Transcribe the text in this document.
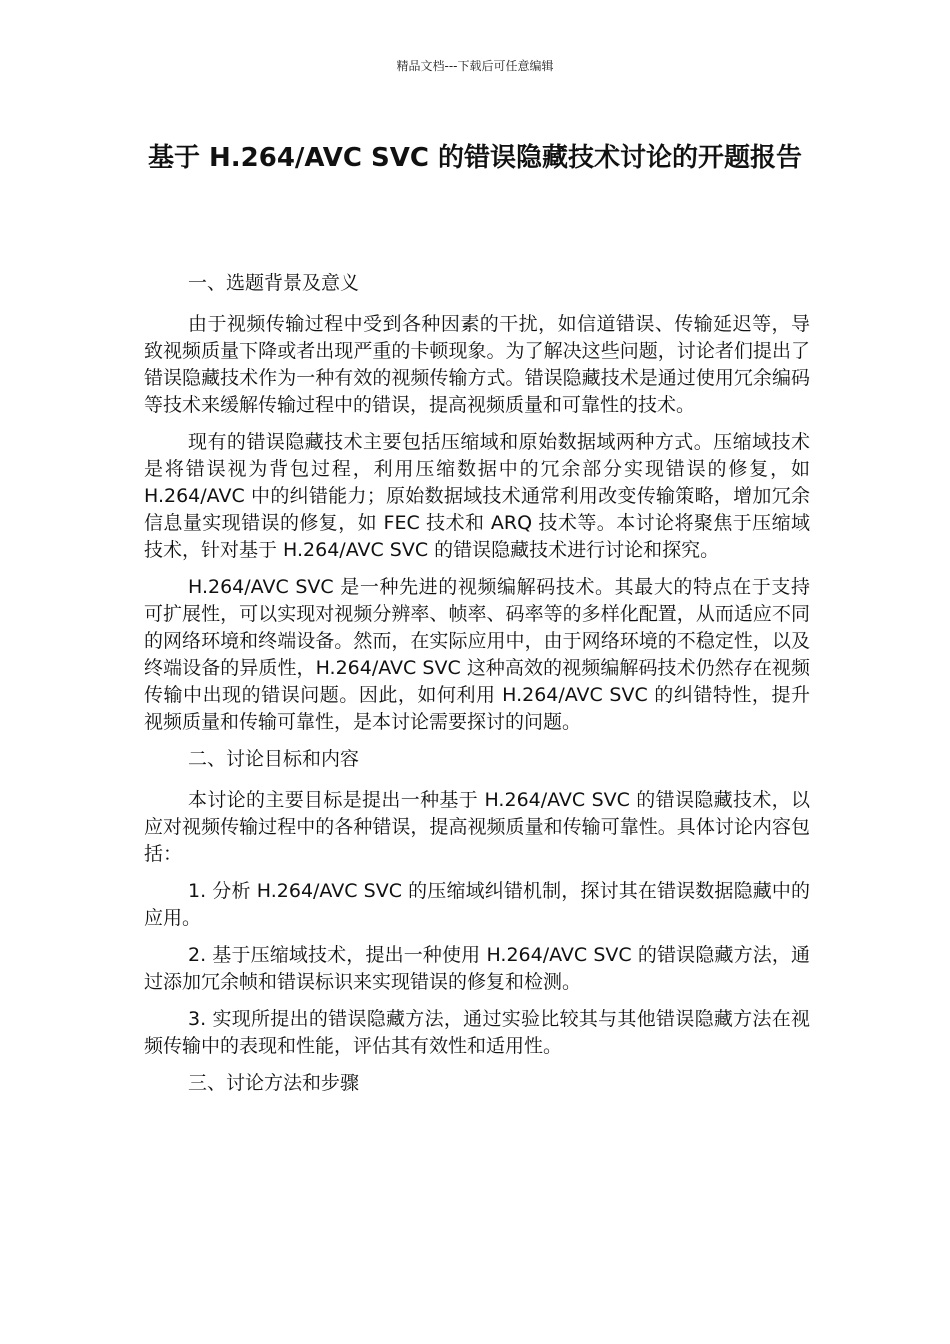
精品文档---下载后可任意编辑
基于 H.264/AVC SVC 的错误隐藏技术讨论的开题报告

一、选题背景及意义

由于视频传输过程中受到各种因素的干扰，如信道错误、传输延迟等，导致视频质量下降或者出现严重的卡顿现象。为了解决这些问题，讨论者们提出了错误隐藏技术作为一种有效的视频传输方式。错误隐藏技术是通过使用冗余编码等技术来缓解传输过程中的错误，提高视频质量和可靠性的技术。

现有的错误隐藏技术主要包括压缩域和原始数据域两种方式。压缩域技术是将错误视为背包过程，利用压缩数据中的冗余部分实现错误的修复，如 H.264/AVC 中的纠错能力；原始数据域技术通常利用改变传输策略，增加冗余信息量实现错误的修复，如 FEC 技术和 ARQ 技术等。本讨论将聚焦于压缩域技术，针对基于 H.264/AVC SVC 的错误隐藏技术进行讨论和探究。

H.264/AVC SVC 是一种先进的视频编解码技术。其最大的特点在于支持可扩展性，可以实现对视频分辨率、帧率、码率等的多样化配置，从而适应不同的网络环境和终端设备。然而，在实际应用中，由于网络环境的不稳定性，以及终端设备的异质性，H.264/AVC SVC 这种高效的视频编解码技术仍然存在视频传输中出现的错误问题。因此，如何利用 H.264/AVC SVC 的纠错特性，提升视频质量和传输可靠性，是本讨论需要探讨的问题。

二、讨论目标和内容

本讨论的主要目标是提出一种基于 H.264/AVC SVC 的错误隐藏技术，以应对视频传输过程中的各种错误，提高视频质量和传输可靠性。具体讨论内容包括：

1. 分析 H.264/AVC SVC 的压缩域纠错机制，探讨其在错误数据隐藏中的应用。

2. 基于压缩域技术，提出一种使用 H.264/AVC SVC 的错误隐藏方法，通过添加冗余帧和错误标识来实现错误的修复和检测。

3. 实现所提出的错误隐藏方法，通过实验比较其与其他错误隐藏方法在视频传输中的表现和性能，评估其有效性和适用性。

三、讨论方法和步骤
